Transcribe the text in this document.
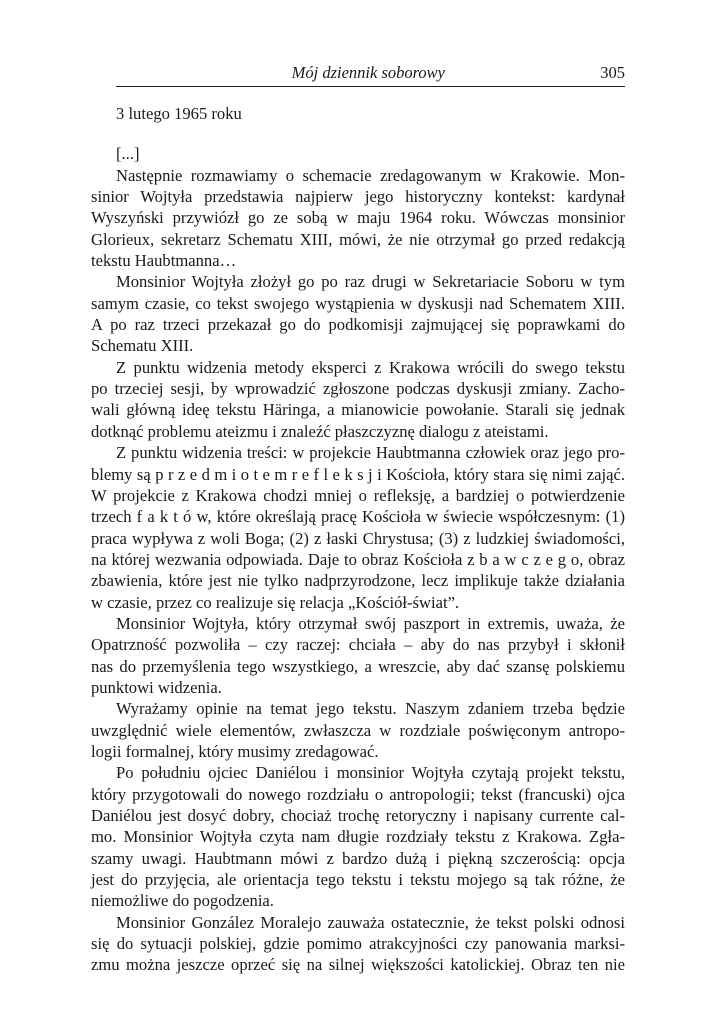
Mój dziennik soborowy	305
3 lutego 1965 roku
[...]
Następnie rozmawiamy o schemacie zredagowanym w Krakowie. Mon-
sinior Wojtyła przedstawia najpierw jego historyczny kontekst: kardynał
Wyszyński przywiózł go ze sobą w maju 1964 roku. Wówczas monsinior
Glorieux, sekretarz Schematu XIII, mówi, że nie otrzymał go przed redakcją
tekstu Haubtmanna…
Monsinior Wojtyła złożył go po raz drugi w Sekretariacie Soboru w tym
samym czasie, co tekst swojego wystąpienia w dyskusji nad Schematem XIII.
A po raz trzeci przekazał go do podkomisji zajmującej się poprawkami do
Schematu XIII.
Z punktu widzenia metody eksperci z Krakowa wrócili do swego tekstu
po trzeciej sesji, by wprowadzić zgłoszone podczas dyskusji zmiany. Zacho-
wali główną ideę tekstu Häringa, a mianowicie powołanie. Starali się jednak
dotknąć problemu ateizmu i znaleźć płaszczyznę dialogu z ateistami.
Z punktu widzenia treści: w projekcie Haubtmanna człowiek oraz jego pro-
blemy są p r z e d m i o t e m r e f l e k s j i Kościoła, który stara się nimi zająć.
W projekcie z Krakowa chodzi mniej o refleksję, a bardziej o potwierdzenie
trzech f a k t ó w, które określają pracę Kościoła w świecie współczesnym: (1)
praca wypływa z woli Boga; (2) z łaski Chrystusa; (3) z ludzkiej świadomości,
na której wezwania odpowiada. Daje to obraz Kościoła z b a w c z e g o, obraz
zbawienia, które jest nie tylko nadprzyrodzone, lecz implikuje także działania
w czasie, przez co realizuje się relacja „Kościół-świat”.
Monsinior Wojtyła, który otrzymał swój paszport in extremis, uważa, że
Opatrzność pozwoliła – czy raczej: chciała – aby do nas przybył i skłonił
nas do przemyślenia tego wszystkiego, a wreszcie, aby dać szansę polskiemu
punktowi widzenia.
Wyrażamy opinie na temat jego tekstu. Naszym zdaniem trzeba będzie
uwzględnić wiele elementów, zwłaszcza w rozdziale poświęconym antropo-
logii formalnej, który musimy zredagować.
Po południu ojciec Daniélou i monsinior Wojtyła czytają projekt tekstu,
który przygotowali do nowego rozdziału o antropologii; tekst (francuski) ojca
Daniélou jest dosyć dobry, chociaż trochę retoryczny i napisany currente cal-
mo. Monsinior Wojtyła czyta nam długie rozdziały tekstu z Krakowa. Zgła-
szamy uwagi. Haubtmann mówi z bardzo dużą i piękną szczerością: opcja
jest do przyjęcia, ale orientacja tego tekstu i tekstu mojego są tak różne, że
niemożliwe do pogodzenia.
Monsinior González Moralejo zauważa ostatecznie, że tekst polski odnosi
się do sytuacji polskiej, gdzie pomimo atrakcyjności czy panowania marksi-
zmu można jeszcze oprzeć się na silnej większości katolickiej. Obraz ten nie
